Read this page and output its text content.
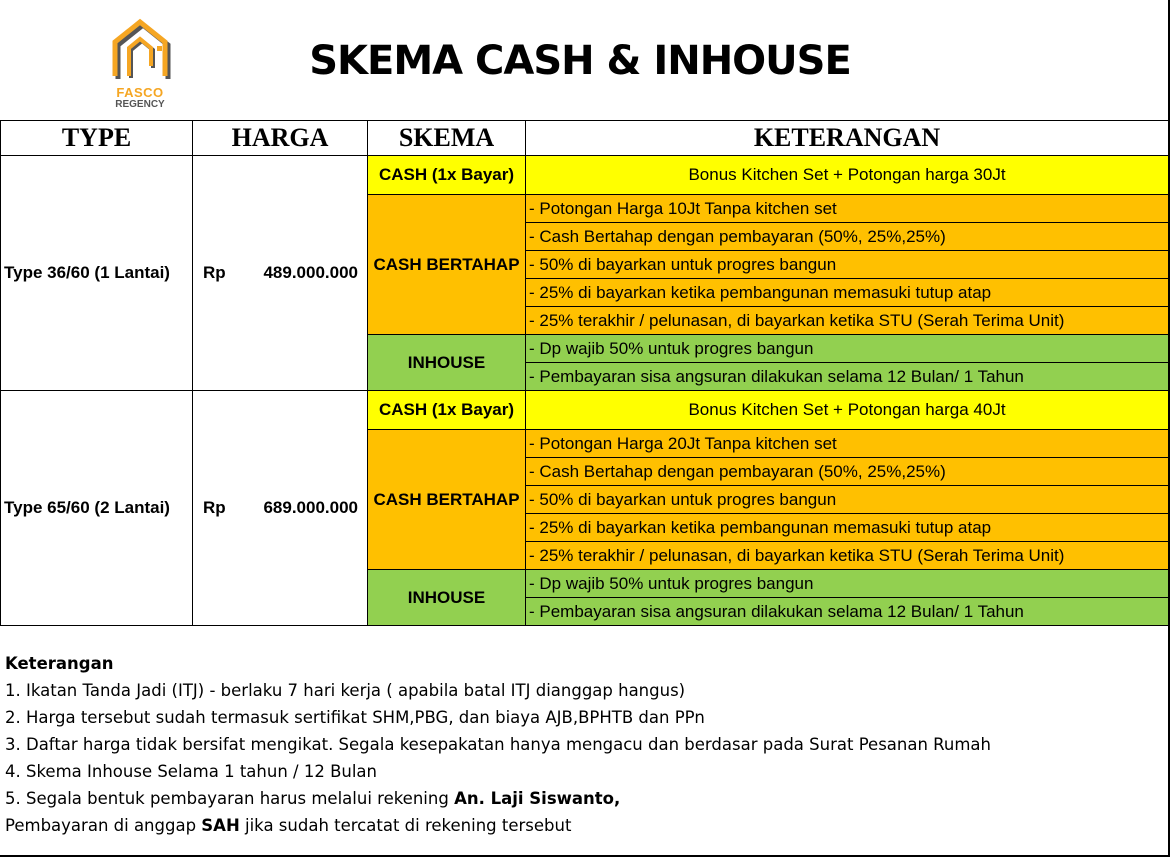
FASCO
REGENCY
SKEMA CASH & INHOUSE
TYPE	HARGA	SKEMA	KETERANGAN
Type 36/60 (1 Lantai)	Rp 489.000.000	CASH (1x Bayar)	Bonus Kitchen Set + Potongan harga 30Jt
		CASH BERTAHAP	- Potongan Harga 10Jt Tanpa kitchen set
			- Cash Bertahap dengan pembayaran (50%, 25%,25%)
			- 50% di bayarkan untuk progres bangun
			- 25% di bayarkan ketika pembangunan memasuki tutup atap
			- 25% terakhir / pelunasan, di bayarkan ketika STU (Serah Terima Unit)
		INHOUSE	- Dp wajib 50% untuk progres bangun
			- Pembayaran sisa angsuran dilakukan selama 12 Bulan/ 1 Tahun
Type 65/60 (2 Lantai)	Rp 689.000.000	CASH (1x Bayar)	Bonus Kitchen Set + Potongan harga 40Jt
		CASH BERTAHAP	- Potongan Harga 20Jt Tanpa kitchen set
			- Cash Bertahap dengan pembayaran (50%, 25%,25%)
			- 50% di bayarkan untuk progres bangun
			- 25% di bayarkan ketika pembangunan memasuki tutup atap
			- 25% terakhir / pelunasan, di bayarkan ketika STU (Serah Terima Unit)
		INHOUSE	- Dp wajib 50% untuk progres bangun
			- Pembayaran sisa angsuran dilakukan selama 12 Bulan/ 1 Tahun
Keterangan
1. Ikatan Tanda Jadi (ITJ) - berlaku 7 hari kerja ( apabila batal ITJ dianggap hangus)
2. Harga tersebut sudah termasuk sertifikat SHM,PBG, dan biaya AJB,BPHTB dan PPn
3. Daftar harga tidak bersifat mengikat. Segala kesepakatan hanya mengacu dan berdasar pada Surat Pesanan Rumah
4. Skema Inhouse Selama 1 tahun / 12 Bulan
5. Segala bentuk pembayaran harus melalui rekening An. Laji Siswanto,
Pembayaran di anggap SAH jika sudah tercatat di rekening tersebut
